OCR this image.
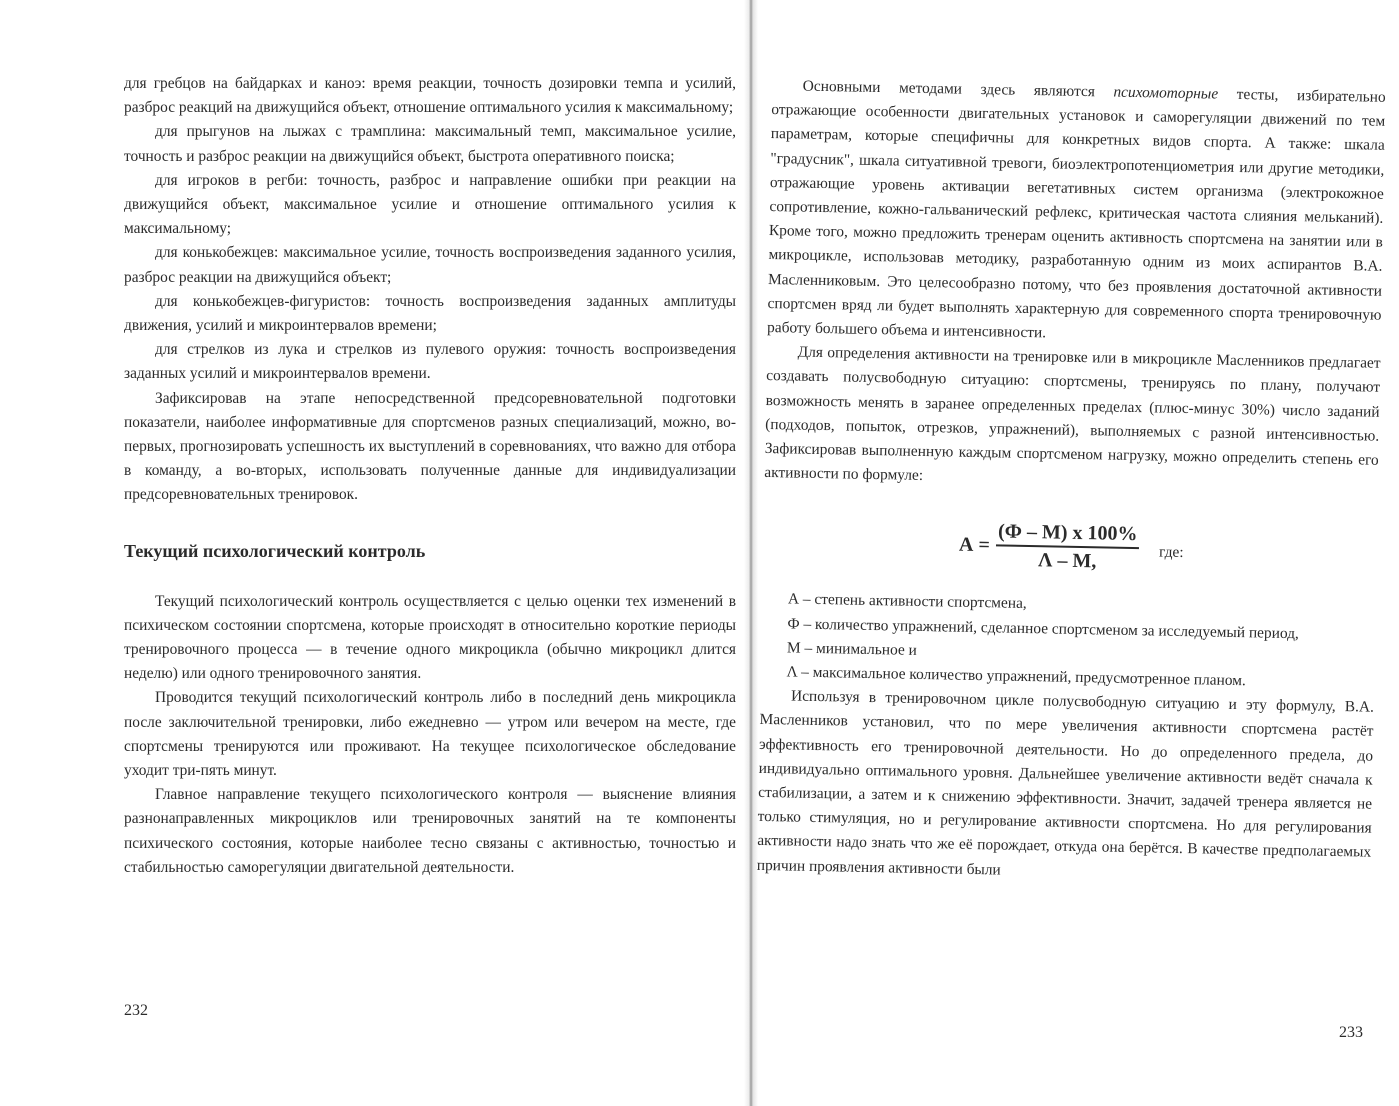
для гребцов на байдарках и каноэ: время реакции, точность дозировки темпа и усилий, разброс реакций на движущийся объект, отношение оптимального усилия к максимальному;

для прыгунов на лыжах с трамплина: максимальный темп, максимальное усилие, точность и разброс реакции на движущийся объект, быстрота оперативного поиска;

для игроков в регби: точность, разброс и направление ошибки при реакции на движущийся объект, максимальное усилие и отношение оптимального усилия к максимальному;

для конькобежцев: максимальное усилие, точность воспроизведения заданного усилия, разброс реакции на движущийся объект;

для конькобежцев-фигуристов: точность воспроизведения заданных амплитуды движения, усилий и микроинтервалов времени;

для стрелков из лука и стрелков из пулевого оружия: точность воспроизведения заданных усилий и микроинтервалов времени.

Зафиксировав на этапе непосредственной предсоревновательной подготовки показатели, наиболее информативные для спортсменов разных специализаций, можно, во-первых, прогнозировать успешность их выступлений в соревнованиях, что важно для отбора в команду, а во-вторых, использовать полученные данные для индивидуализации предсоревновательных тренировок.

Текущий психологический контроль

Текущий психологический контроль осуществляется с целью оценки тех изменений в психическом состоянии спортсмена, которые происходят в относительно короткие периоды тренировочного процесса — в течение одного микроцикла (обычно микроцикл длится неделю) или одного тренировочного занятия.

Проводится текущий психологический контроль либо в последний день микроцикла после заключительной тренировки, либо ежедневно — утром или вечером на месте, где спортсмены тренируются или проживают. На текущее психологическое обследование уходит три-пять минут.

Главное направление текущего психологического контроля — выяснение влияния разнонаправленных микроциклов или тренировочных занятий на те компоненты психического состояния, которые наиболее тесно связаны с активностью, точностью и стабильностью саморегуляции двигательной деятельности.

232

Основными методами здесь являются психомоторные тесты, избирательно отражающие особенности двигательных установок и саморегуляции движений по тем параметрам, которые специфичны для конкретных видов спорта. А также: шкала "градусник", шкала ситуативной тревоги, биоэлектропотенциометрия или другие методики, отражающие уровень активации вегетативных систем организма (электрокожное сопротивление, кожно-гальванический рефлекс, критическая частота слияния мельканий). Кроме того, можно предложить тренерам оценить активность спортсмена на занятии или в микроцикле, использовав методику, разработанную одним из моих аспирантов В.А. Масленниковым. Это целесообразно потому, что без проявления достаточной активности спортсмен вряд ли будет выполнять характерную для современного спорта тренировочную работу большего объема и интенсивности.

Для определения активности на тренировке или в микроцикле Масленников предлагает создавать полусвободную ситуацию: спортсмены, тренируясь по плану, получают возможность менять в заранее определенных пределах (плюс-минус 30%) число заданий (подходов, попыток, отрезков, упражнений), выполняемых с разной интенсивностью. Зафиксировав выполненную каждым спортсменом нагрузку, можно определить степень его активности по формуле:

$А = \frac{(Ф - М) х 100\%}{\Lambda - М,}$ где:

А – степень активности спортсмена,

Ф – количество упражнений, сделанное спортсменом за исследуемый период,

М – минимальное и

Λ – максимальное количество упражнений, предусмотренное планом.

Используя в тренировочном цикле полусвободную ситуацию и эту формулу, В.А. Масленников установил, что по мере увеличения активности спортсмена растёт эффективность его тренировочной деятельности. Но до определенного предела, до индивидуально оптимального уровня. Дальнейшее увеличение активности ведёт сначала к стабилизации, а затем и к снижению эффективности. Значит, задачей тренера является не только стимуляция, но и регулирование активности спортсмена. Но для регулирования активности надо знать что же её порождает, откуда она берётся. В качестве предполагаемых причин проявления активности были

233
